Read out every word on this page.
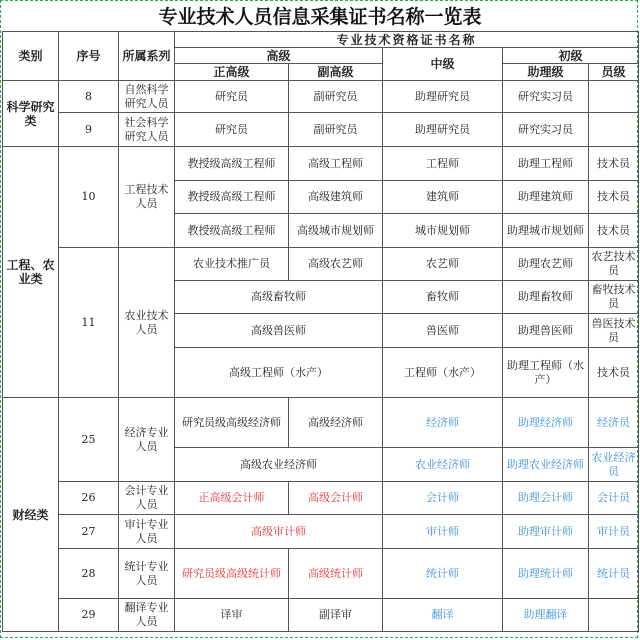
专业技术人员信息采集证书名称一览表
类别	序号	所属系列	专业技术资格证书名称				
			高级		中级	初级	
			正高级	副高级		助理级	员级
科学研究类	8	自然科学研究人员	研究员	副研究员	助理研究员	研究实习员	
	9	社会科学研究人员	研究员	副研究员	助理研究员	研究实习员	
工程、农业类	10	工程技术人员	教授级高级工程师	高级工程师	工程师	助理工程师	技术员
			教授级高级工程师	高级建筑师	建筑师	助理建筑师	技术员
			教授级高级工程师	高级城市规划师	城市规划师	助理城市规划师	技术员
	11	农业技术人员	农业技术推广员	高级农艺师	农艺师	助理农艺师	农艺技术员
			高级畜牧师		畜牧师	助理畜牧师	畜牧技术员
			高级兽医师		兽医师	助理兽医师	兽医技术员
			高级工程师（水产）		工程师（水产）	助理工程师（水产）	技术员
财经类	25	经济专业人员	研究员级高级经济师	高级经济师	经济师	助理经济师	经济员
			高级农业经济师		农业经济师	助理农业经济师	农业经济员
	26	会计专业人员	正高级会计师	高级会计师	会计师	助理会计师	会计员
	27	审计专业人员	高级审计师		审计师	助理审计师	审计员
	28	统计专业人员	研究员级高级统计师	高级统计师	统计师	助理统计师	统计员
	29	翻译专业人员	译审	副译审	翻译	助理翻译	
